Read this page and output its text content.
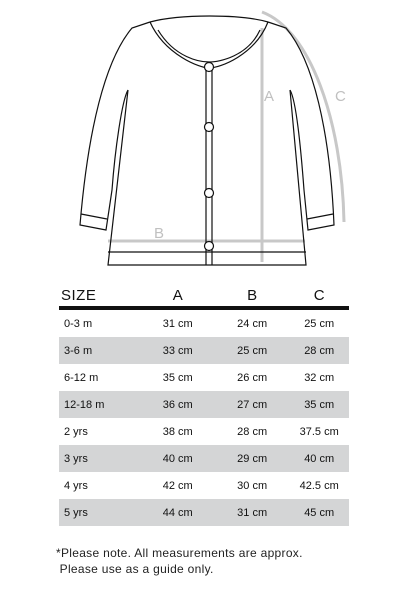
A
B
C
SIZE	A	B	C

0-3 m	31 cm	24 cm	25 cm
3-6 m	33 cm	25 cm	28 cm
6-12 m	35 cm	26 cm	32 cm
12-18 m	36 cm	27 cm	35 cm
2 yrs	38 cm	28 cm	37.5 cm
3 yrs	40 cm	29 cm	40 cm
4 yrs	42 cm	30 cm	42.5 cm
5 yrs	44 cm	31 cm	45 cm
*Please note. All measurements are approx.
Please use as a guide only.
